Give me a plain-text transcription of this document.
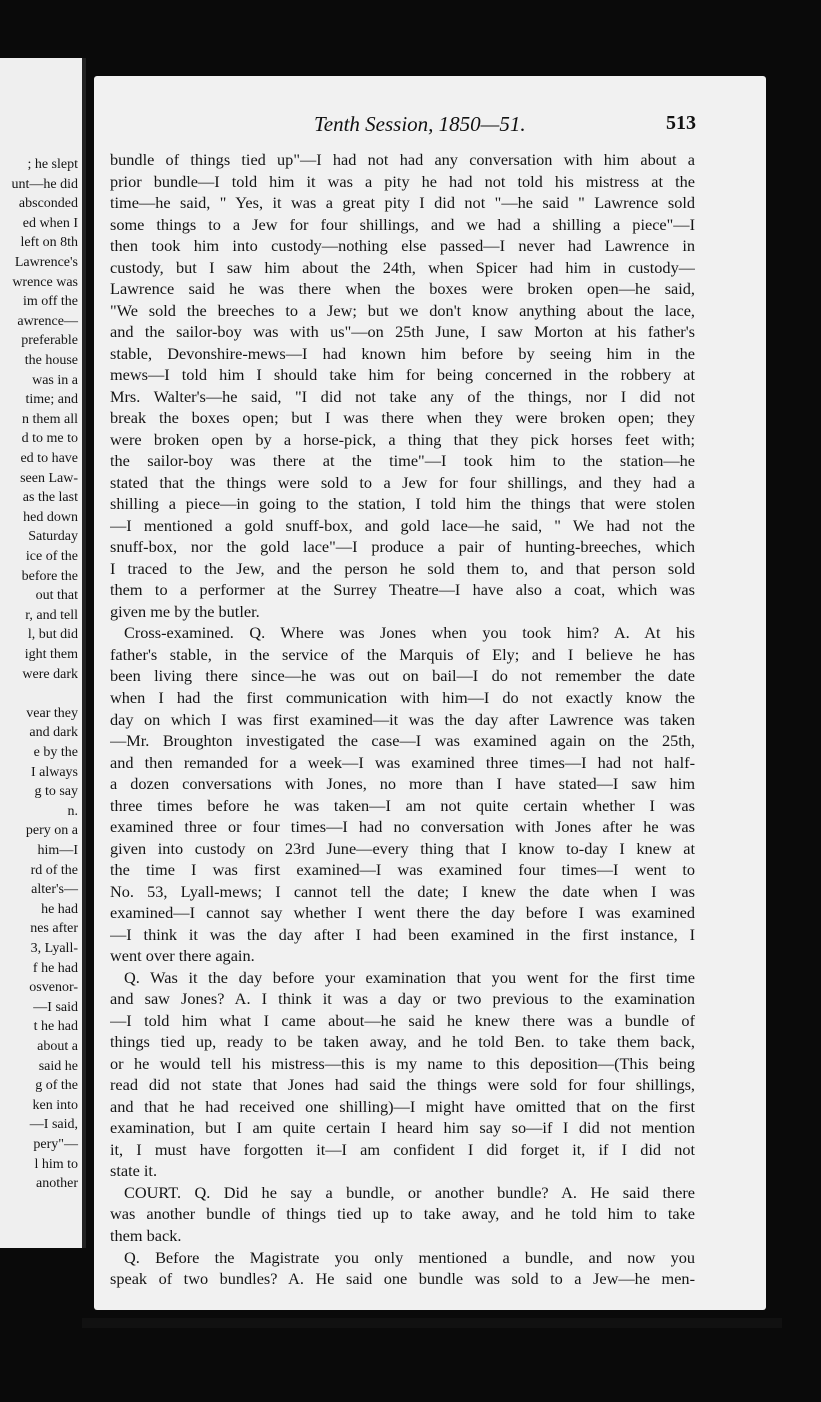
; he slept
unt—he did
absconded
ed when I
left on 8th
Lawrence's
wrence was
im off the
awrence—
preferable
the house
was in a
time; and
n them all
d to me to
ed to have
seen Law-
as the last
hed down
Saturday
ice of the
before the
out that
r, and tell
l, but did
ight them
were dark
vear they
and dark
e by the
I always
g to say
n.
pery on a
him—I
rd of the
alter's—
he had
nes after
3, Lyall-
f he had
osvenor-
—I said
t he had
about a
said he
g of the
ken into
—I said,
pery"—
l him to
another
Tenth Session, 1850—51.	513
bundle of things tied up"—I had not had any conversation with him about a
prior bundle—I told him it was a pity he had not told his mistress at the
time—he said, " Yes, it was a great pity I did not "—he said " Lawrence sold
some things to a Jew for four shillings, and we had a shilling a piece"—I
then took him into custody—nothing else passed—I never had Lawrence in
custody, but I saw him about the 24th, when Spicer had him in custody—
Lawrence said he was there when the boxes were broken open—he said,
"We sold the breeches to a Jew; but we don't know anything about the lace,
and the sailor-boy was with us"—on 25th June, I saw Morton at his father's
stable, Devonshire-mews—I had known him before by seeing him in the
mews—I told him I should take him for being concerned in the robbery at
Mrs. Walter's—he said, "I did not take any of the things, nor I did not
break the boxes open; but I was there when they were broken open; they
were broken open by a horse-pick, a thing that they pick horses feet with;
the sailor-boy was there at the time"—I took him to the station—he
stated that the things were sold to a Jew for four shillings, and they had a
shilling a piece—in going to the station, I told him the things that were stolen
—I mentioned a gold snuff-box, and gold lace—he said, " We had not the
snuff-box, nor the gold lace"—I produce a pair of hunting-breeches, which
I traced to the Jew, and the person he sold them to, and that person sold
them to a performer at the Surrey Theatre—I have also a coat, which was
given me by the butler.
Cross-examined. Q. Where was Jones when you took him? A. At his
father's stable, in the service of the Marquis of Ely; and I believe he has
been living there since—he was out on bail—I do not remember the date
when I had the first communication with him—I do not exactly know the
day on which I was first examined—it was the day after Lawrence was taken
—Mr. Broughton investigated the case—I was examined again on the 25th,
and then remanded for a week—I was examined three times—I had not half-
a dozen conversations with Jones, no more than I have stated—I saw him
three times before he was taken—I am not quite certain whether I was
examined three or four times—I had no conversation with Jones after he was
given into custody on 23rd June—every thing that I know to-day I knew at
the time I was first examined—I was examined four times—I went to
No. 53, Lyall-mews; I cannot tell the date; I knew the date when I was
examined—I cannot say whether I went there the day before I was examined
—I think it was the day after I had been examined in the first instance, I
went over there again.
Q. Was it the day before your examination that you went for the first time
and saw Jones? A. I think it was a day or two previous to the examination
—I told him what I came about—he said he knew there was a bundle of
things tied up, ready to be taken away, and he told Ben. to take them back,
or he would tell his mistress—this is my name to this deposition—(This being
read did not state that Jones had said the things were sold for four shillings,
and that he had received one shilling)—I might have omitted that on the first
examination, but I am quite certain I heard him say so—if I did not mention
it, I must have forgotten it—I am confident I did forget it, if I did not
state it.
COURT. Q. Did he say a bundle, or another bundle? A. He said there
was another bundle of things tied up to take away, and he told him to take
them back.
Q. Before the Magistrate you only mentioned a bundle, and now you
speak of two bundles? A. He said one bundle was sold to a Jew—he men-
